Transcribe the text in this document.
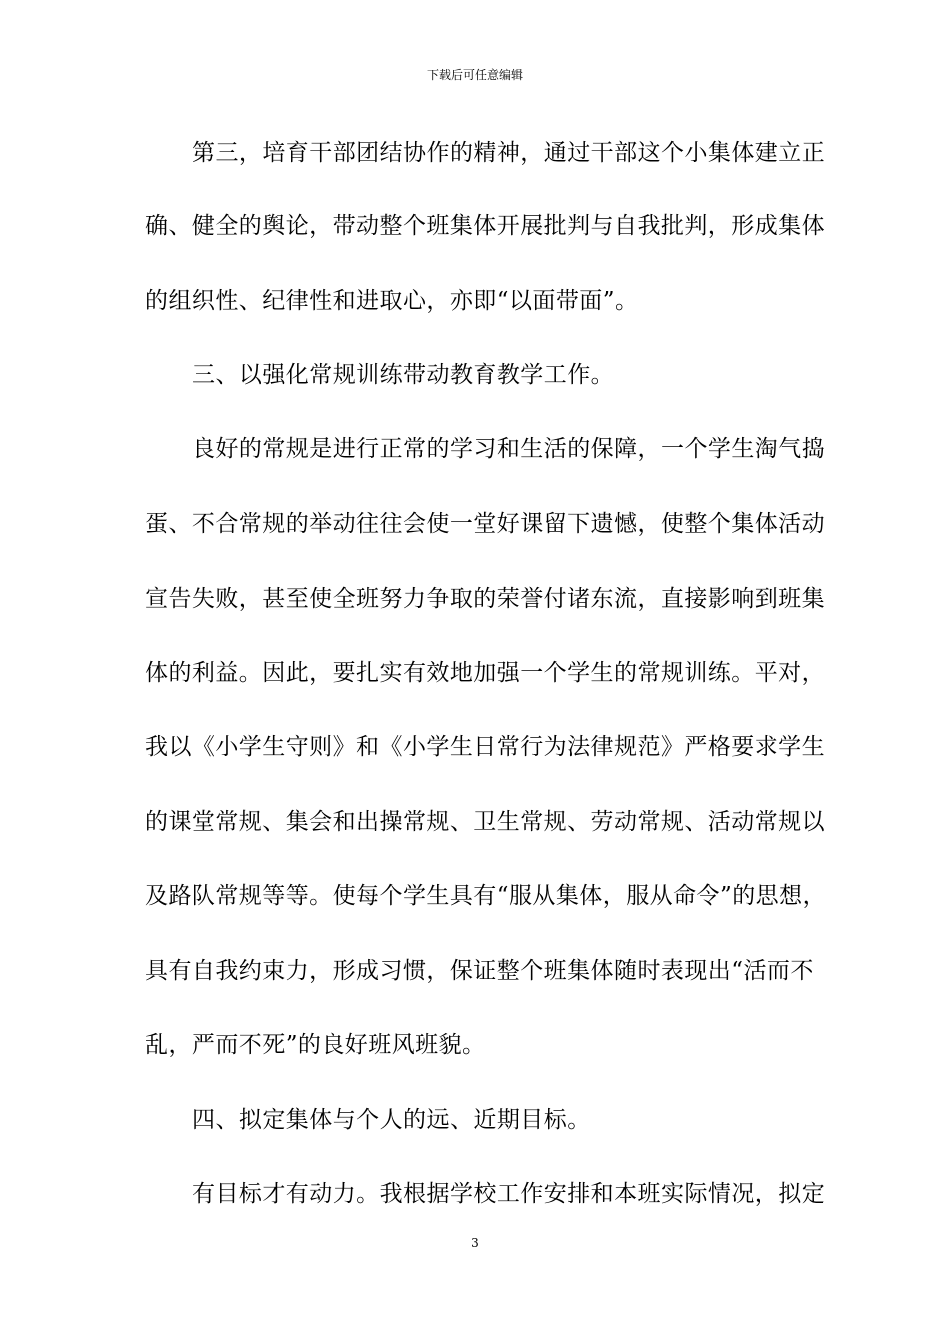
下载后可任意编辑
第三，培育干部团结协作的精神，通过干部这个小集体建立正
确、健全的舆论，带动整个班集体开展批判与自我批判，形成集体
的组织性、纪律性和进取心，亦即“以面带面”。
三、以强化常规训练带动教育教学工作。
良好的常规是进行正常的学习和生活的保障，一个学生淘气捣
蛋、不合常规的举动往往会使一堂好课留下遗憾，使整个集体活动
宣告失败，甚至使全班努力争取的荣誉付诸东流，直接影响到班集
体的利益。因此，要扎实有效地加强一个学生的常规训练。平对，
我以《小学生守则》和《小学生日常行为法律规范》严格要求学生
的课堂常规、集会和出操常规、卫生常规、劳动常规、活动常规以
及路队常规等等。使每个学生具有“服从集体，服从命令”的思想，
具有自我约束力，形成习惯，保证整个班集体随时表现出“活而不
乱，严而不死”的良好班风班貌。
四、拟定集体与个人的远、近期目标。
有目标才有动力。我根据学校工作安排和本班实际情况，拟定
3
